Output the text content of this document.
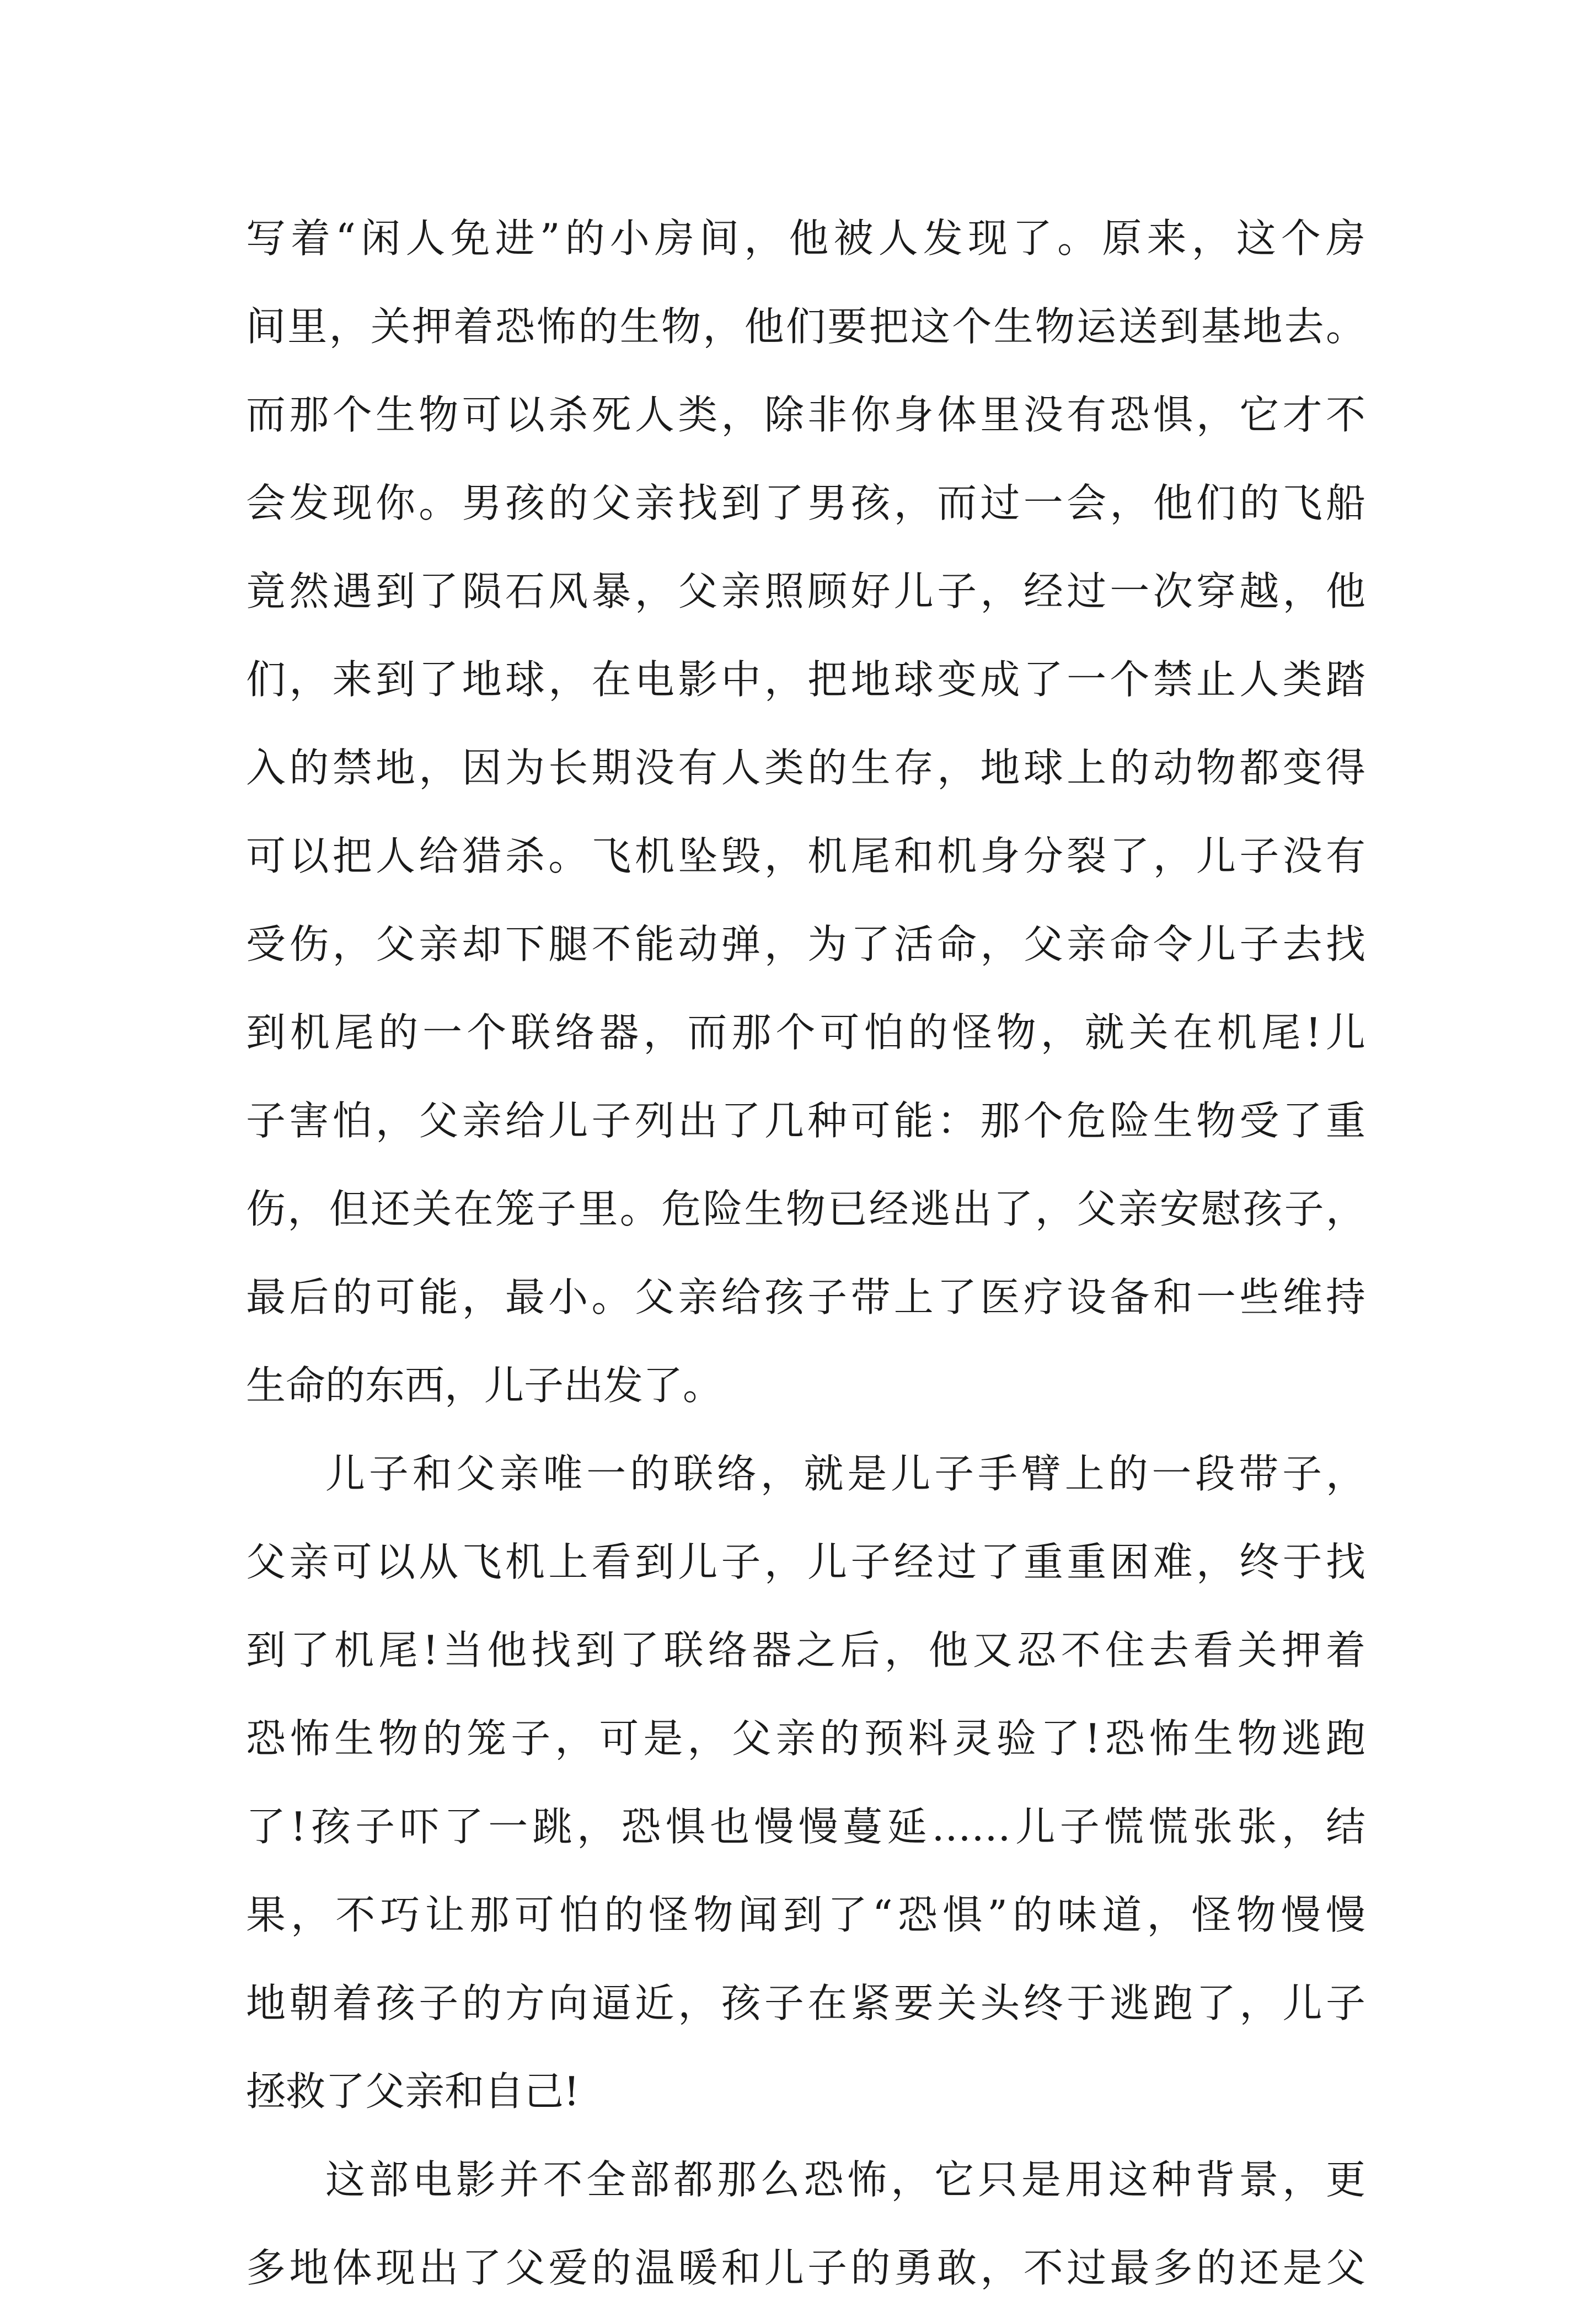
写着“闲人免进”的小房间，他被人发现了。原来，这个房
间里，关押着恐怖的生物，他们要把这个生物运送到基地去。
而那个生物可以杀死人类，除非你身体里没有恐惧，它才不
会发现你。男孩的父亲找到了男孩，而过一会，他们的飞船
竟然遇到了陨石风暴，父亲照顾好儿子，经过一次穿越，他
们，来到了地球，在电影中，把地球变成了一个禁止人类踏
入的禁地，因为长期没有人类的生存，地球上的动物都变得
可以把人给猎杀。飞机坠毁，机尾和机身分裂了，儿子没有
受伤，父亲却下腿不能动弹，为了活命，父亲命令儿子去找
到机尾的一个联络器，而那个可怕的怪物，就关在机尾!儿
子害怕，父亲给儿子列出了几种可能：那个危险生物受了重
伤，但还关在笼子里。危险生物已经逃出了，父亲安慰孩子，
最后的可能，最小。父亲给孩子带上了医疗设备和一些维持
生命的东西，儿子出发了。
儿子和父亲唯一的联络，就是儿子手臂上的一段带子，
父亲可以从飞机上看到儿子，儿子经过了重重困难，终于找
到了机尾!当他找到了联络器之后，他又忍不住去看关押着
恐怖生物的笼子，可是，父亲的预料灵验了!恐怖生物逃跑
了!孩子吓了一跳，恐惧也慢慢蔓延……儿子慌慌张张，结
果，不巧让那可怕的怪物闻到了“恐惧”的味道，怪物慢慢
地朝着孩子的方向逼近，孩子在紧要关头终于逃跑了，儿子
拯救了父亲和自己!
这部电影并不全部都那么恐怖，它只是用这种背景，更
多地体现出了父爱的温暖和儿子的勇敢，不过最多的还是父
